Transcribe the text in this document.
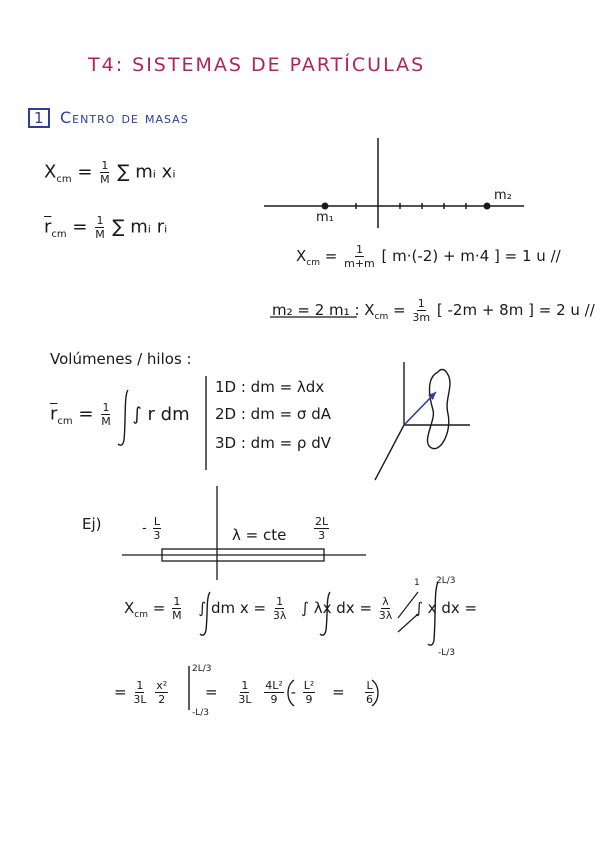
T4: SISTEMAS DE PARTÍCULAS
1	Centro de masas
$X_{cm} = \frac{1}{M}$ ∑ mᵢ xᵢ
$\overline{r}_{cm} = \frac{1}{M}$ ∑ mᵢ rᵢ	m₁
m₂
$X_{cm} = \frac{1}{m+m}$ [ m·(-2) + m·4 ] = 1 u //
m₂ = 2 m₁ : $X_{cm} = \frac{1}{3m}$ [ -2m + 8m ] = 2 u //
Volúmenes / hilos :
$\overline{r}_{cm} = \frac{1}{M}$ ∫ r dm
1D : dm = λdx
2D : dm = σ dA
3D : dm = ρ dV
Ej)	- $\frac{L}{3}$	λ = cte	$\frac{2L}{3}$
$X_{cm} = \frac{1}{M}$ ∫ dm $x = \frac{1}{3\lambda}$ ∫ λx dx = $\frac{\lambda}{3\lambda}$ ∫ x dx =
1 2L/3
-L/3
= $\frac{1}{3L}$
$\frac{\text{x²}}{2} = \frac{1}{3L}$
$\frac{\text{4L²}}{9} - \frac{\text{L²}}{9} = \frac{L}{6}$
2L/3
-L/3
